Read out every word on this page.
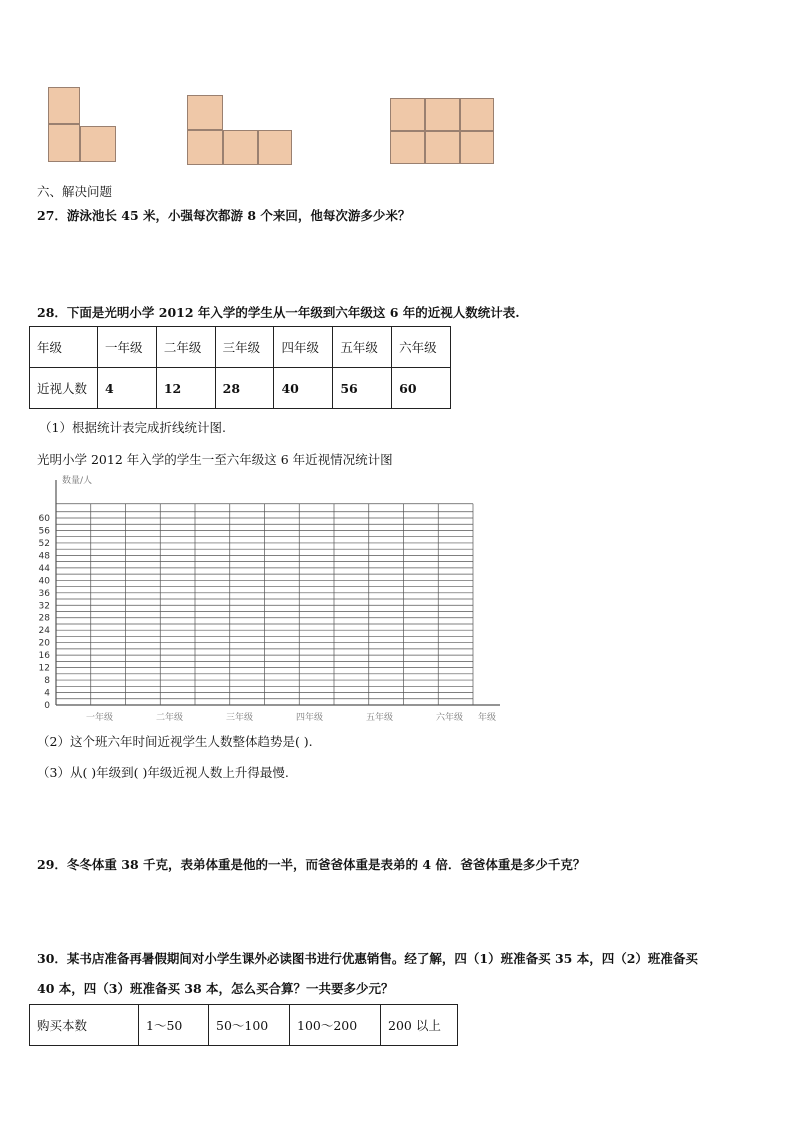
六、解决问题
27．游泳池长 45 米，小强每次都游 8 个来回，他每次游多少米？
28．下面是光明小学 2012 年入学的学生从一年级到六年级这 6 年的近视人数统计表.
年级	一年级	二年级	三年级	四年级	五年级	六年级
近视人数	4	12	28	40	56	60
（1）根据统计表完成折线统计图.
光明小学 2012 年入学的学生一至六年级这 6 年近视情况统计图
数量/人
年级
0
4
8
12
16
20
24
28
32
36
40
44
48
52
56
60
一年级	二年级	三年级	四年级	五年级	六年级
（2）这个班六年时间近视学生人数整体趋势是( ).
（3）从( )年级到( )年级近视人数上升得最慢.
29．冬冬体重 38 千克，表弟体重是他的一半，而爸爸体重是表弟的 4 倍．爸爸体重是多少千克？
30．某书店准备再暑假期间对小学生课外必读图书进行优惠销售。经了解，四（1）班准备买 35 本，四（2）班准备买
40 本，四（3）班准备买 38 本，怎么买合算？一共要多少元？
购买本数	1～50	50～100	100～200	200 以上
